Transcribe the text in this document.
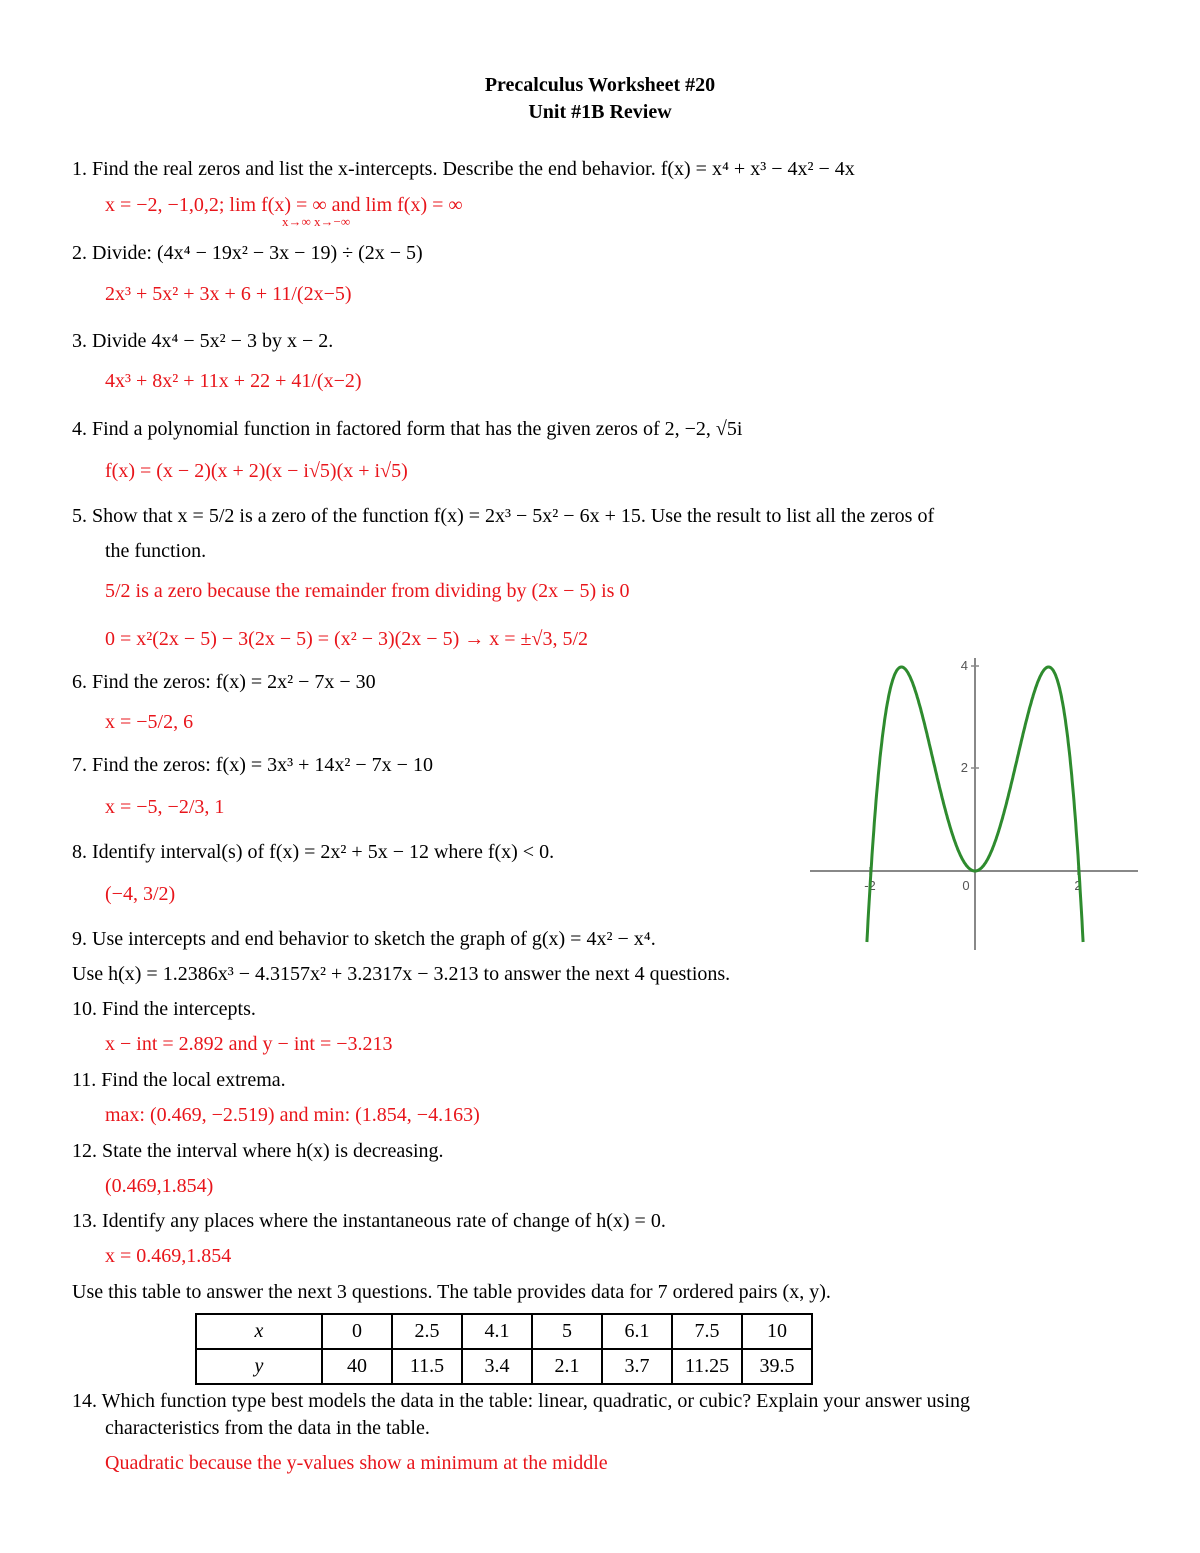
Precalculus Worksheet #20
Unit #1B Review
1. Find the real zeros and list the x-intercepts. Describe the end behavior. f(x) = x⁴ + x³ − 4x² − 4x
x = −2, −1,0,2; lim f(x) = ∞ and lim f(x) = ∞
x→∞ x→−∞
2. Divide: (4x⁴ − 19x² − 3x − 19) ÷ (2x − 5)
2x³ + 5x² + 3x + 6 + 11/(2x−5)
3. Divide 4x⁴ − 5x² − 3 by x − 2.
4x³ + 8x² + 11x + 22 + 41/(x−2)
4. Find a polynomial function in factored form that has the given zeros of 2, −2, √5i
f(x) = (x − 2)(x + 2)(x − i√5)(x + i√5)
5. Show that x = 5/2 is a zero of the function f(x) = 2x³ − 5x² − 6x + 15. Use the result to list all the zeros of
the function.
5/2 is a zero because the remainder from dividing by (2x − 5) is 0
0 = x²(2x − 5) − 3(2x − 5) = (x² − 3)(2x − 5) → x = ±√3, 5/2
6. Find the zeros: f(x) = 2x² − 7x − 30
x = −5/2, 6
7. Find the zeros: f(x) = 3x³ + 14x² − 7x − 10
x = −5, −2/3, 1
8. Identify interval(s) of f(x) = 2x² + 5x − 12 where f(x) < 0.
(−4, 3/2)
9. Use intercepts and end behavior to sketch the graph of g(x) = 4x² − x⁴.
Use h(x) = 1.2386x³ − 4.3157x² + 3.2317x − 3.213 to answer the next 4 questions.
10. Find the intercepts.
x − int = 2.892 and y − int = −3.213
11. Find the local extrema.
max: (0.469, −2.519) and min: (1.854, −4.163)
12. State the interval where h(x) is decreasing.
(0.469,1.854)
13. Identify any places where the instantaneous rate of change of h(x) = 0.
x = 0.469,1.854
Use this table to answer the next 3 questions. The table provides data for 7 ordered pairs (x, y).
x	0	2.5	4.1	5	6.1	7.5	10
y	40	11.5	3.4	2.1	3.7	11.25	39.5
14. Which function type best models the data in the table: linear, quadratic, or cubic? Explain your answer using
characteristics from the data in the table.
Quadratic because the y-values show a minimum at the middle
-2	0	2
4
2
